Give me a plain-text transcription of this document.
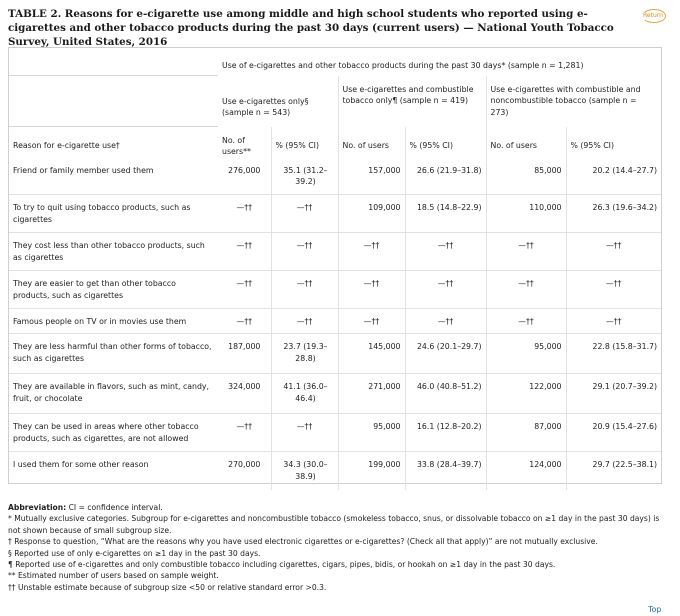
TABLE 2. Reasons for e-cigarette use among middle and high school students who reported using e-cigarettes and other tobacco products during the past 30 days (current users) — National Youth Tobacco Survey, United States, 2016
Return

	Use of e-cigarettes and other tobacco products during the past 30 days* (sample n = 1,281)					

	Use e-cigarettes only§ (sample n = 543)		Use e-cigarettes and combustible tobacco only¶ (sample n = 419)		Use e-cigarettes with combustible and noncombustible tobacco (sample n = 273)	

Reason for e-cigarette use†	No. of users**	% (95% CI)	No. of users	% (95% CI)	No. of users	% (95% CI)

Friend or family member used them	276,000	35.1 (31.2–39.2)	157,000	26.6 (21.9–31.8)	85,000	20.2 (14.4–27.7)

To try to quit using tobacco products, such as cigarettes	—††	—††	109,000	18.5 (14.8–22.9)	110,000	26.3 (19.6–34.2)

They cost less than other tobacco products, such as cigarettes	—††	—††	—††	—††	—††	—††

They are easier to get than other tobacco products, such as cigarettes	—††	—††	—††	—††	—††	—††

Famous people on TV or in movies use them	—††	—††	—††	—††	—††	—††

They are less harmful than other forms of tobacco, such as cigarettes	187,000	23.7 (19.3–28.8)	145,000	24.6 (20.1–29.7)	95,000	22.8 (15.8–31.7)

They are available in flavors, such as mint, candy, fruit, or chocolate	324,000	41.1 (36.0–46.4)	271,000	46.0 (40.8–51.2)	122,000	29.1 (20.7–39.2)

They can be used in areas where other tobacco products, such as cigarettes, are not allowed	—††	—††	95,000	16.1 (12.8–20.2)	87,000	20.9 (15.4–27.6)

I used them for some other reason	270,000	34.3 (30.0–38.9)	199,000	33.8 (28.4–39.7)	124,000	29.7 (22.5–38.1)
Abbreviation: CI = confidence interval.
* Mutually exclusive categories. Subgroup for e-cigarettes and noncombustible tobacco (smokeless tobacco, snus, or dissolvable tobacco on ≥1 day in the past 30 days) is not shown because of small subgroup size.
† Response to question, “What are the reasons why you have used electronic cigarettes or e-cigarettes? (Check all that apply)” are not mutually exclusive.
§ Reported use of only e-cigarettes on ≥1 day in the past 30 days.
¶ Reported use of e-cigarettes and only combustible tobacco including cigarettes, cigars, pipes, bidis, or hookah on ≥1 day in the past 30 days.
** Estimated number of users based on sample weight.
†† Unstable estimate because of subgroup size <50 or relative standard error >0.3.
Top
